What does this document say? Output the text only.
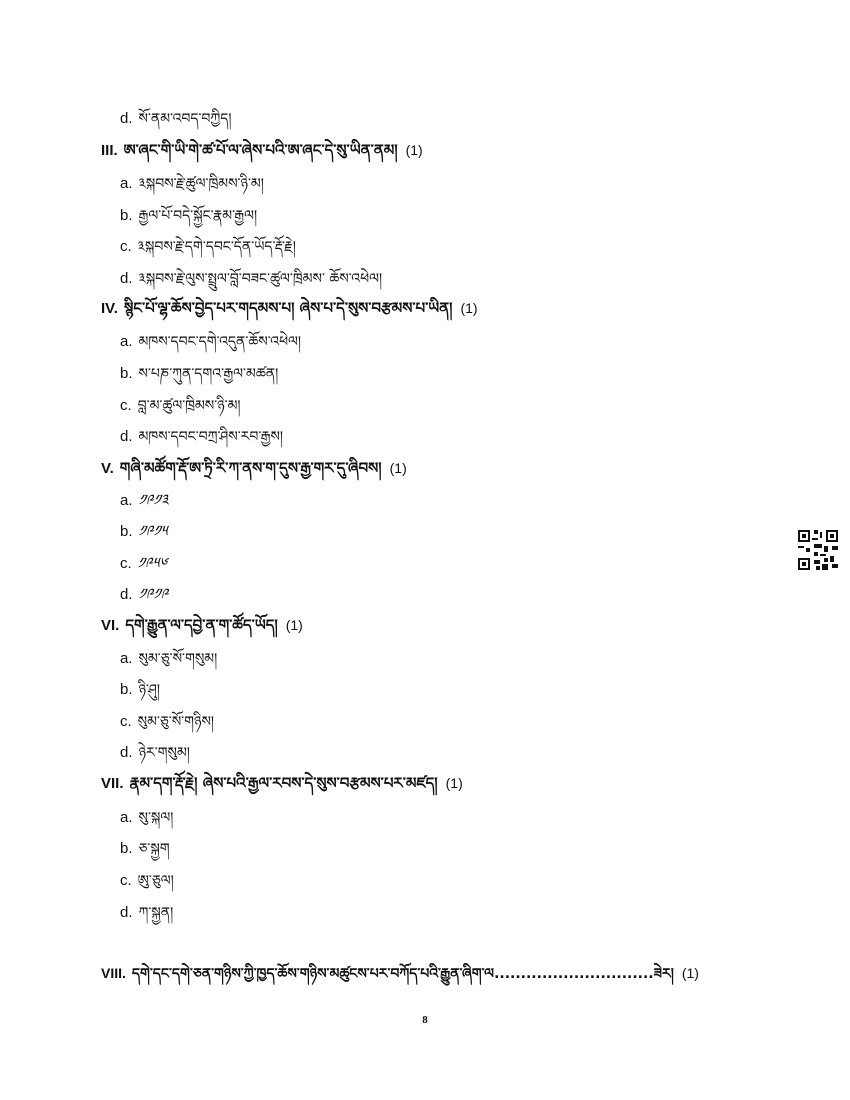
d. སོ་ནམ་འབད་བཀྱིད།
III. ཨ་ཞང་གི་ཡི་གེ་ཚ་པོ་ལ་ཞེས་པའི་ཨ་ཞང་དེ་སུ་ཡིན་ནམ། (1)
a. ༣སྐབས་རྗེ་ཚུལ་ཁྲིམས་ཉི་མ།
b. རྒྱལ་པོ་བདེ་སྐྱོང་རྣམ་རྒྱལ།
c. ༣སྐབས་རྗེ་དགེ་དབང་དོན་ཡོད་རྡོ་རྗེ།
d. ༣སྐབས་རྗེ་ལུས་སྤྲུལ་བློ་བཟང་ཚུལ་ཁྲིམས་ ཆོས་འཕེལ།
IV. སྙིང་པོ་ལྷ་ཆོས་བྱེད་པར་གདམས་པ། ཞེས་པ་དེ་སུས་བརྩམས་པ་ཡིན། (1)
a. མཁས་དབང་དགེ་འདུན་ཆོས་འཕེལ།
b. ས་པཎ་ཀུན་དགའ་རྒྱལ་མཚན།
c. བླ་མ་ཚུལ་ཁྲིམས་ཉི་མ།
d. མཁས་དབང་བཀྲ་ཤིས་རབ་རྒྱས།
V. གཞི་མཚོག་རྡོ་ཨ་ཏྲི་རི་ཀ་ནས་ག་དུས་རྒྱ་གར་དུ་ཞིབས། (1)
a. ༡༩༡༣
b. ༡༩༡༥
c. ༡༩༥༦
d. ༡༩༡༩
VI. དགེ་རྒྱུན་ལ་དབྱེ་ན་ག་ཚོད་ཡོད། (1)
a. སུམ་ཅུ་སོ་གསུམ།
b. ཉི་ཤུ།
c. སུམ་ཅུ་སོ་གཉིས།
d. ཉེར་གསུམ།
VII. རྣམ་དག་རྡོ་རྗེ། ཞེས་པའི་རྒྱལ་རབས་དེ་སུས་བརྩམས་པར་མཛད། (1)
a. སུ་སྐལ།
b. ཅ་སྐྱག
c. ཨུ་ཅུལ།
d. ཀ་སྐྱན།
VIII. དགེ་དང་དགེ་ཅན་གཉིས་ཀྱི་ཁྱད་ཆོས་གཉིས་མཚུངས་པར་བཀོད་པའི་རྒྱུན་ཞིག་ལ..............................ཟེར། (1)
8
